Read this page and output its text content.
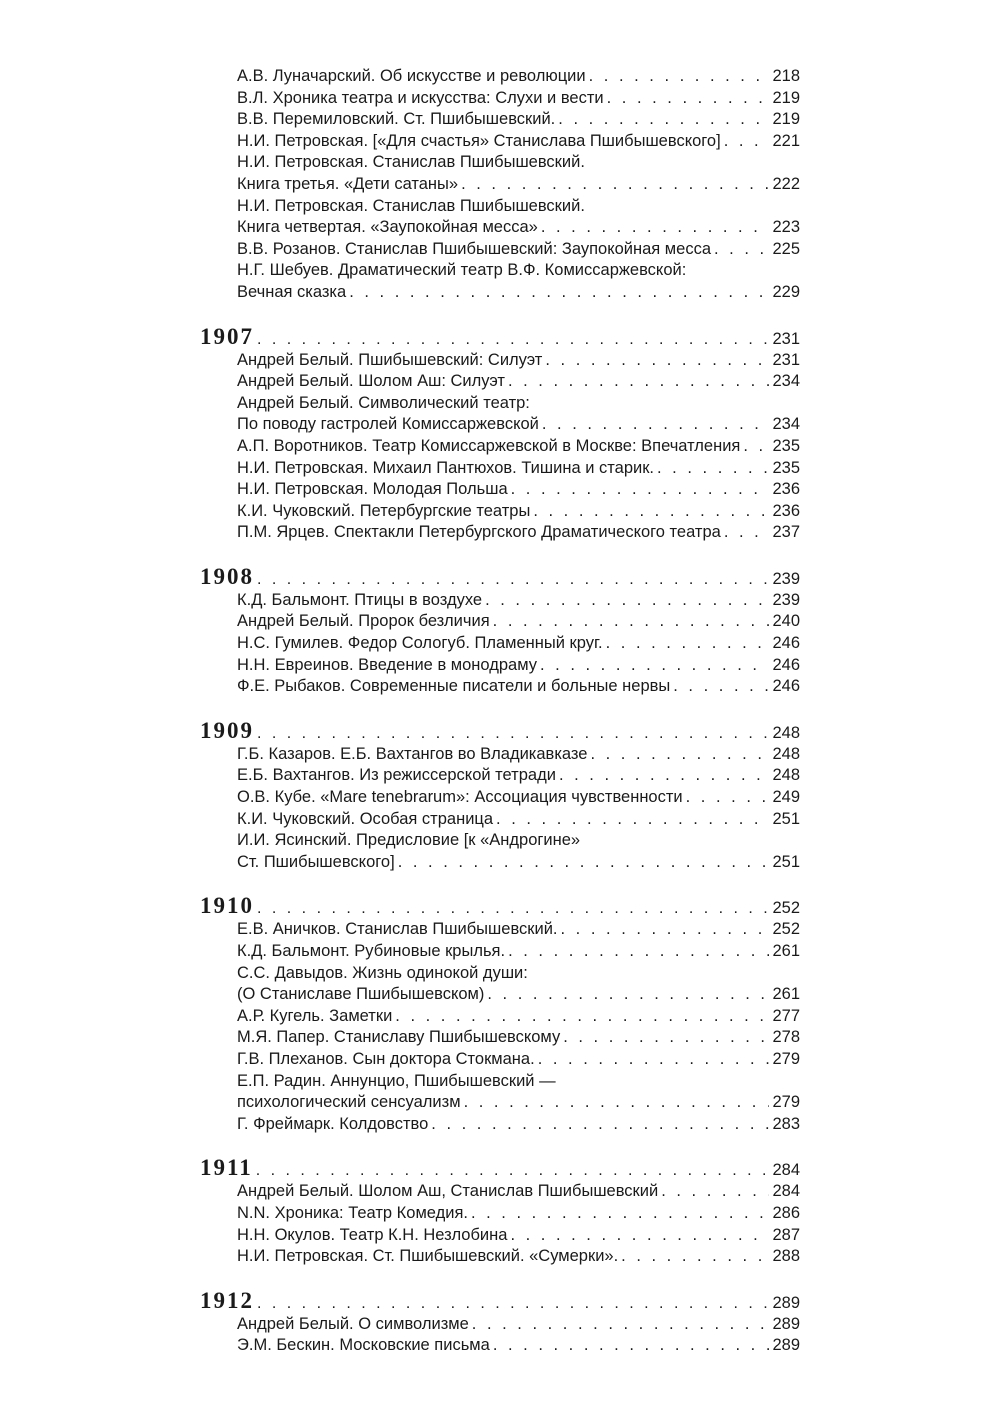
А.В. Луначарский. Об искусстве и революции . . .	218
В.Л. Хроника театра и искусства: Слухи и вести . . .	219
В.В. Перемиловский. Ст. Пшибышевский. . . .	219
Н.И. Петровская. [«Для счастья» Станислава Пшибышевского] . . .	221
Н.И. Петровская. Станислав Пшибышевский.
Книга третья. «Дети сатаны» . . .	222
Н.И. Петровская. Станислав Пшибышевский.
Книга четвертая. «Заупокойная месса» . . .	223
В.В. Розанов. Станислав Пшибышевский: Заупокойная месса . . .	225
Н.Г. Шебуев. Драматический театр В.Ф. Комиссаржевской:
Вечная сказка . . .	229
1907 . . .	231
Андрей Белый. Пшибышевский: Силуэт . . .	231
Андрей Белый. Шолом Аш: Силуэт . . .	234
Андрей Белый. Символический театр:
По поводу гастролей Комиссаржевской . . .	234
А.П. Воротников. Театр Комиссаржевской в Москве: Впечатления . . . 235
Н.И. Петровская. Михаил Пантюхов. Тишина и старик. . . .	235
Н.И. Петровская. Молодая Польша . . .	236
К.И. Чуковский. Петербургские театры . . .	236
П.М. Ярцев. Спектакли Петербургского Драматического театра . . .	237
1908 . . .	239
К.Д. Бальмонт. Птицы в воздухе . . .	239
Андрей Белый. Пророк безличия . . .	240
Н.С. Гумилев. Федор Сологуб. Пламенный круг. . . .	246
Н.Н. Евреинов. Введение в монодраму . . .	246
Ф.Е. Рыбаков. Современные писатели и больные нервы . . .	246
1909 . . .	248
Г.Б. Казаров. Е.Б. Вахтангов во Владикавказе . . .	248
Е.Б. Вахтангов. Из режиссерской тетради . . .	248
О.В. Кубе. «Mare tenebrarum»: Ассоциация чувственности . . .	249
К.И. Чуковский. Особая страница . . .	251
И.И. Ясинский. Предисловие [к «Андрогине»
Ст. Пшибышевского] . . .	251
1910 . . .	252
Е.В. Аничков. Станислав Пшибышевский. . . .	252
К.Д. Бальмонт. Рубиновые крылья. . . .	261
С.С. Давыдов. Жизнь одинокой души:
(О Станиславе Пшибышевском) . . .	261
А.Р. Кугель. Заметки . . .	277
М.Я. Папер. Станиславу Пшибышевскому . . .	278
Г.В. Плеханов. Сын доктора Стокмана. . . .	279
Е.П. Радин. Аннунцио, Пшибышевский —
психологический сенсуализм . . .	279
Г. Фреймарк. Колдовство . . .	283
1911 . . .	284
Андрей Белый. Шолом Аш, Станислав Пшибышевский . . .	284
N.N. Хроника: Театр Комедия. . . .	286
Н.Н. Окулов. Театр К.Н. Незлобина . . .	287
Н.И. Петровская. Ст. Пшибышевский. «Сумерки». . . .	288
1912 . . .	289
Андрей Белый. О символизме . . .	289
Э.М. Бескин. Московские письма . . .	289
